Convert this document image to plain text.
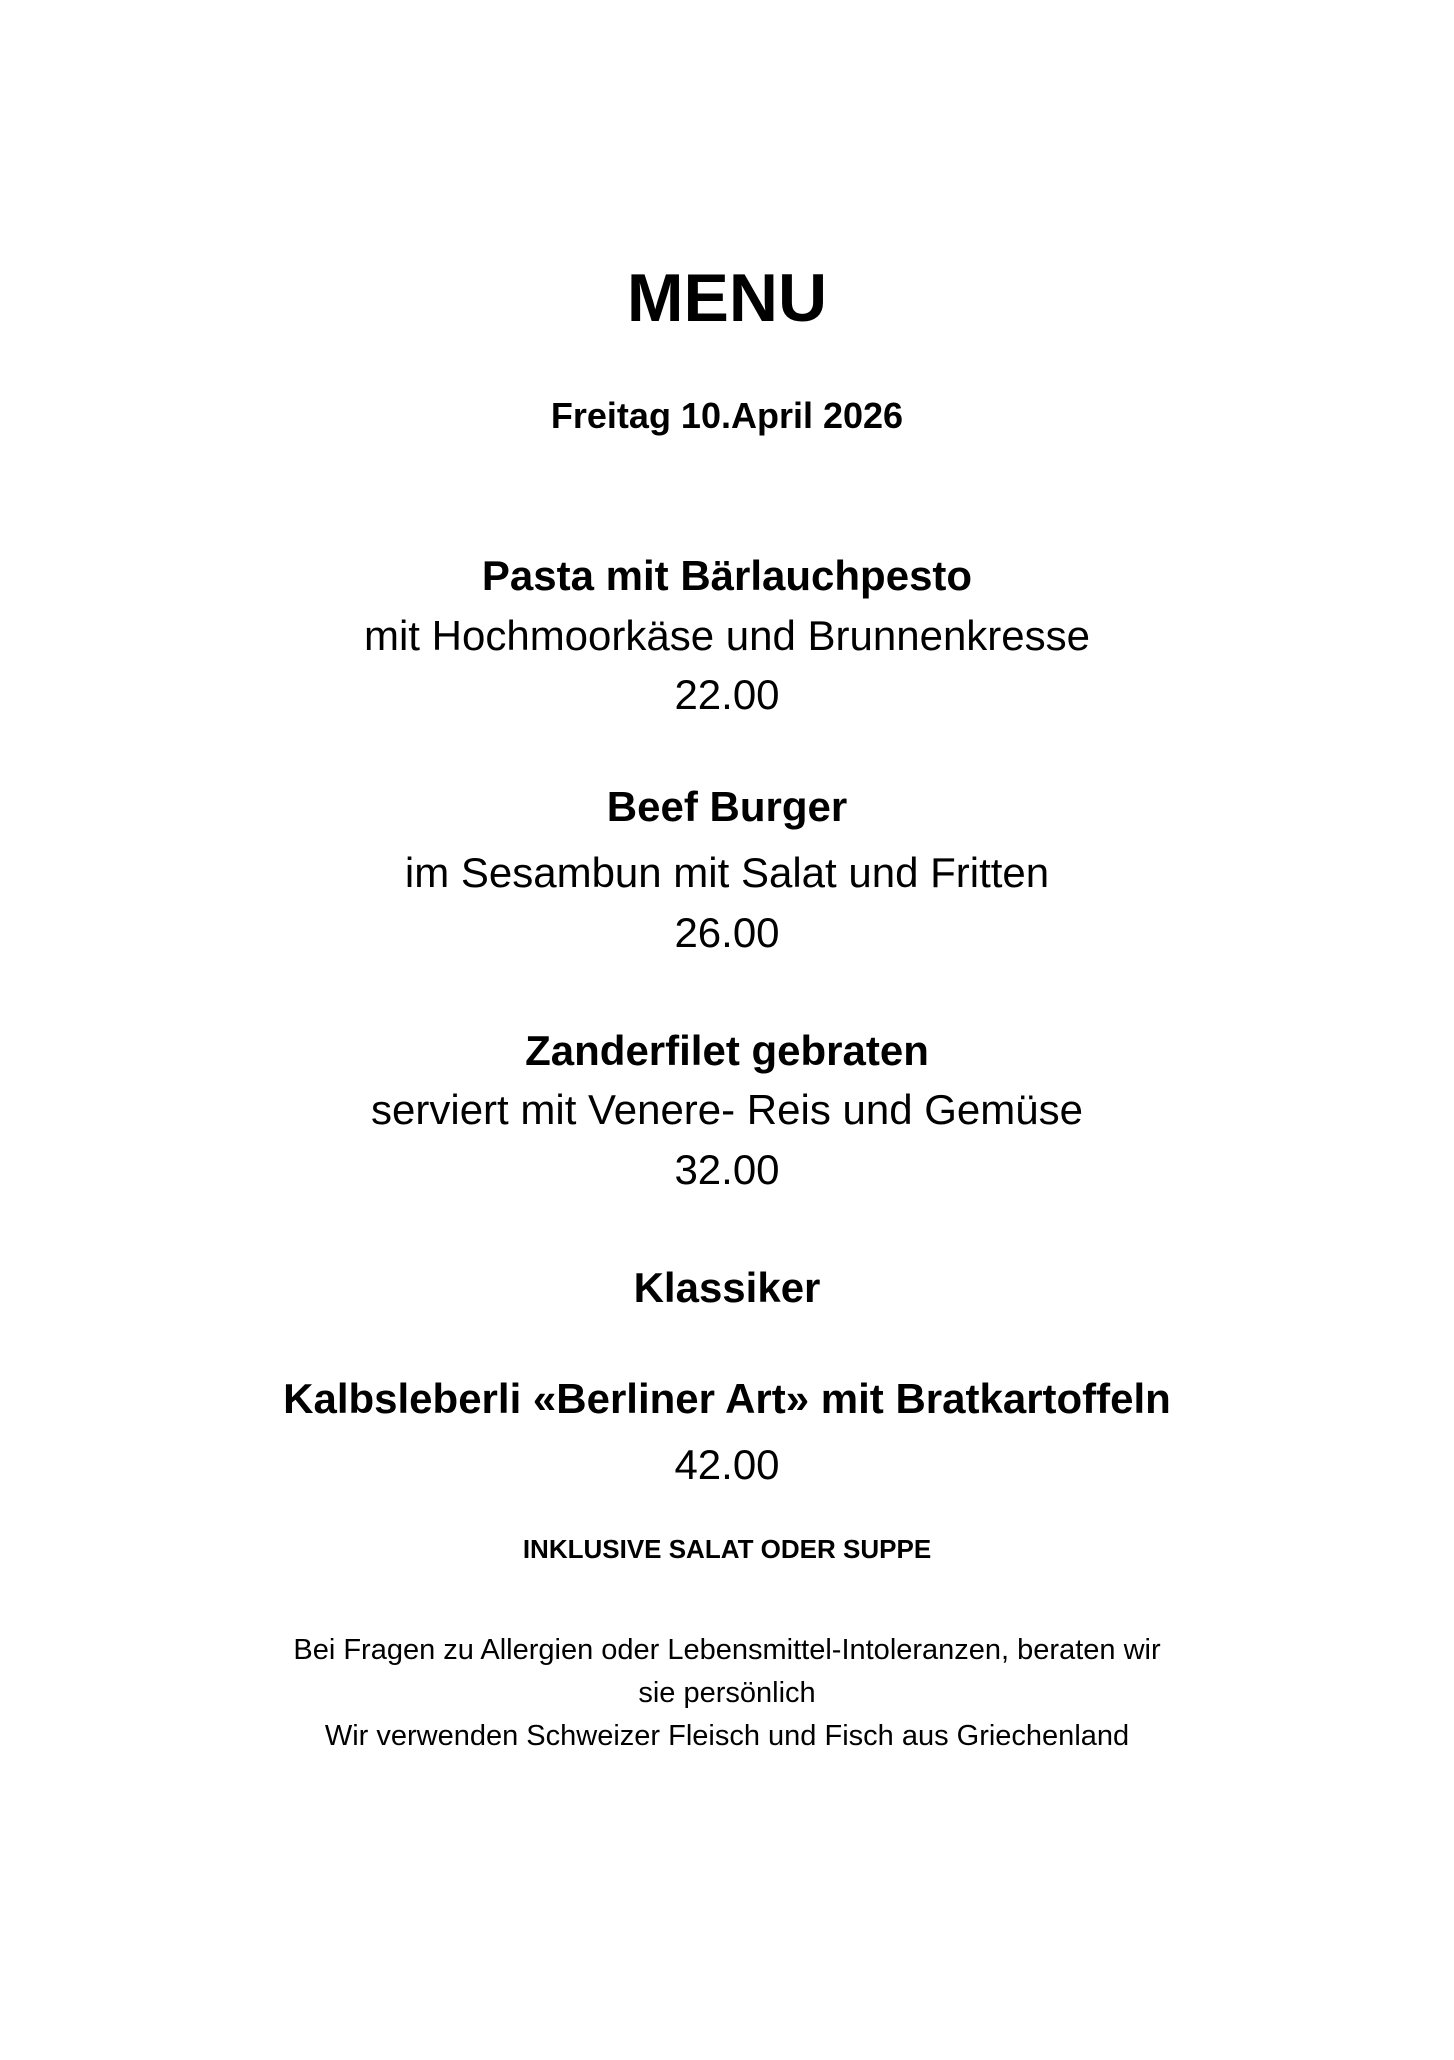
MENU
Freitag 10.April 2026
Pasta mit Bärlauchpesto
mit Hochmoorkäse und Brunnenkresse
22.00
Beef Burger
im Sesambun mit Salat und Fritten
26.00
Zanderfilet gebraten
serviert mit Venere- Reis und Gemüse
32.00
Klassiker
Kalbsleberli «Berliner Art» mit Bratkartoffeln
42.00
INKLUSIVE SALAT ODER SUPPE
Bei Fragen zu Allergien oder Lebensmittel-Intoleranzen, beraten wir
sie persönlich
Wir verwenden Schweizer Fleisch und Fisch aus Griechenland
